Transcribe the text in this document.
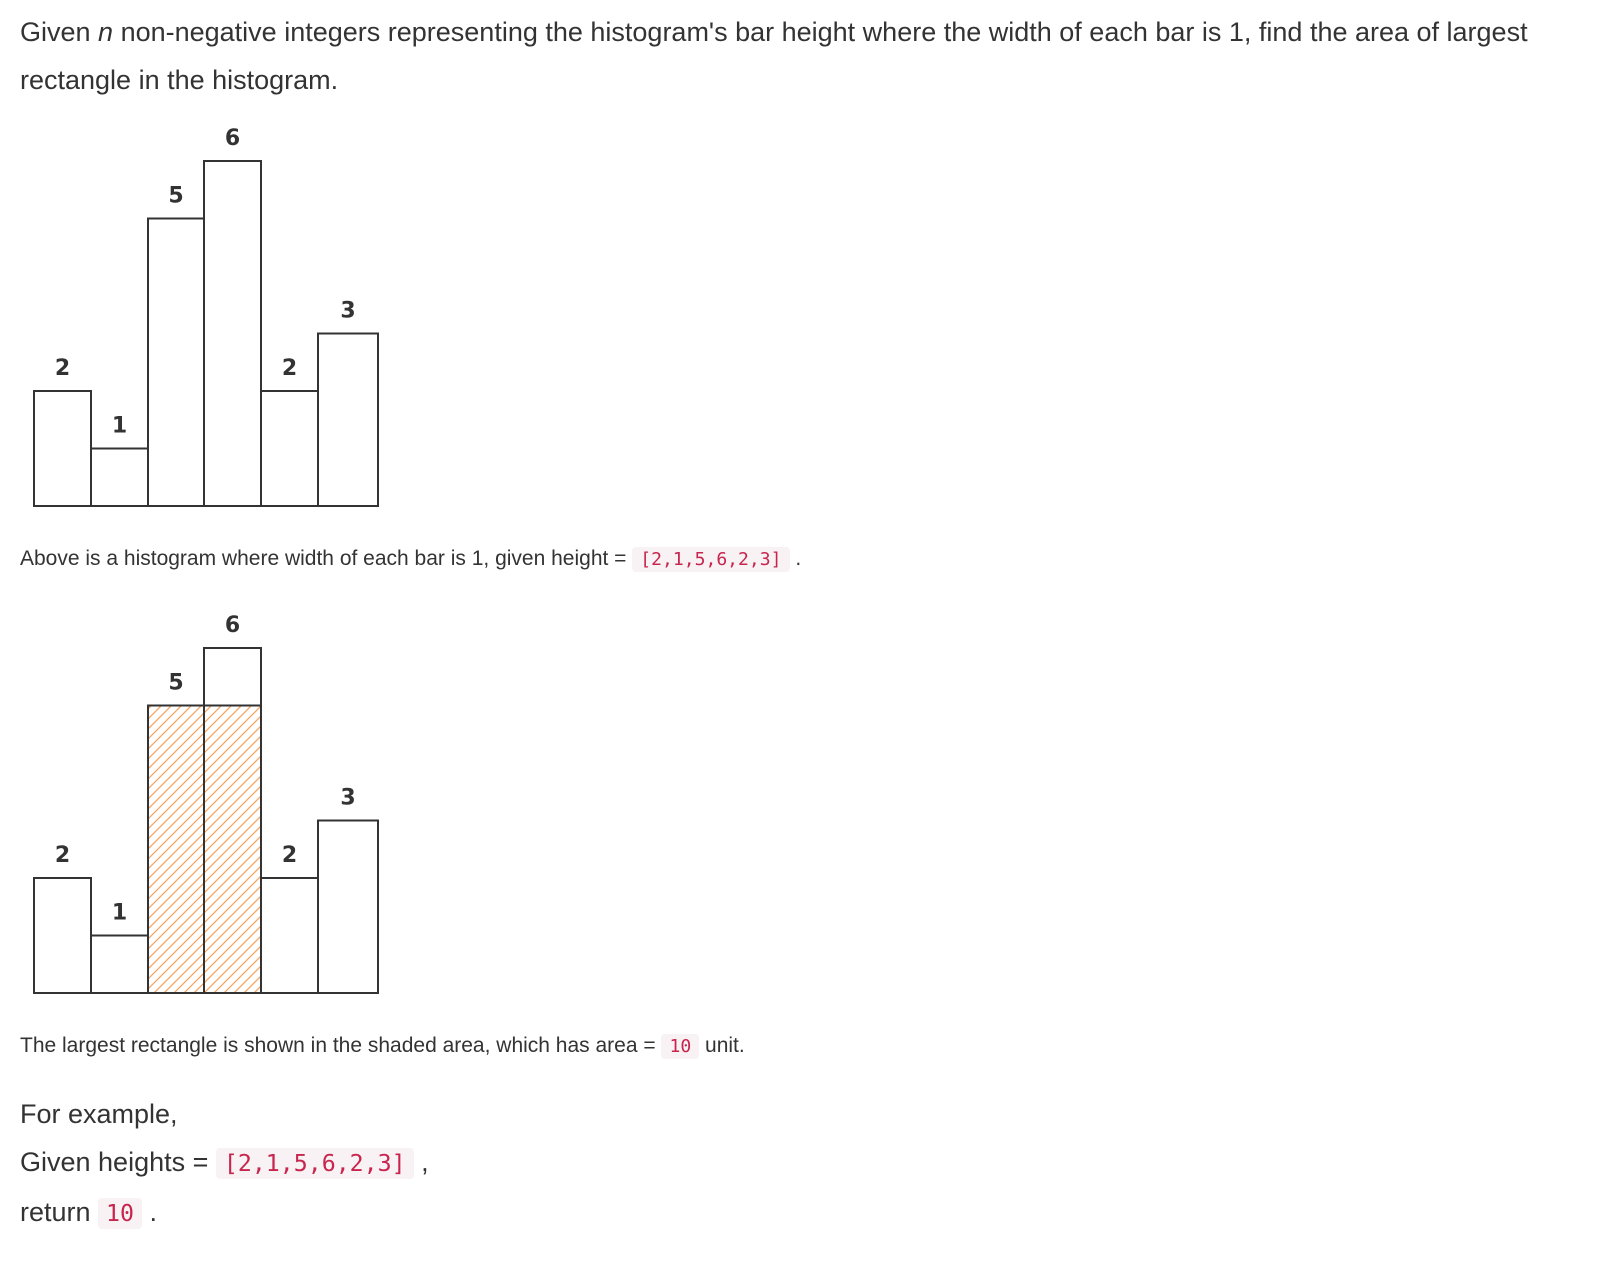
Given n non-negative integers representing the histogram's bar height where the width of each bar is 1, find the area of largest rectangle in the histogram.

2
1
5
6
2
3

Above is a histogram where width of each bar is 1, given height = [2,1,5,6,2,3] .

2
1
5
6
2
3

The largest rectangle is shown in the shaded area, which has area = 10 unit.

For example,
Given heights = [2,1,5,6,2,3] ,
return 10 .
